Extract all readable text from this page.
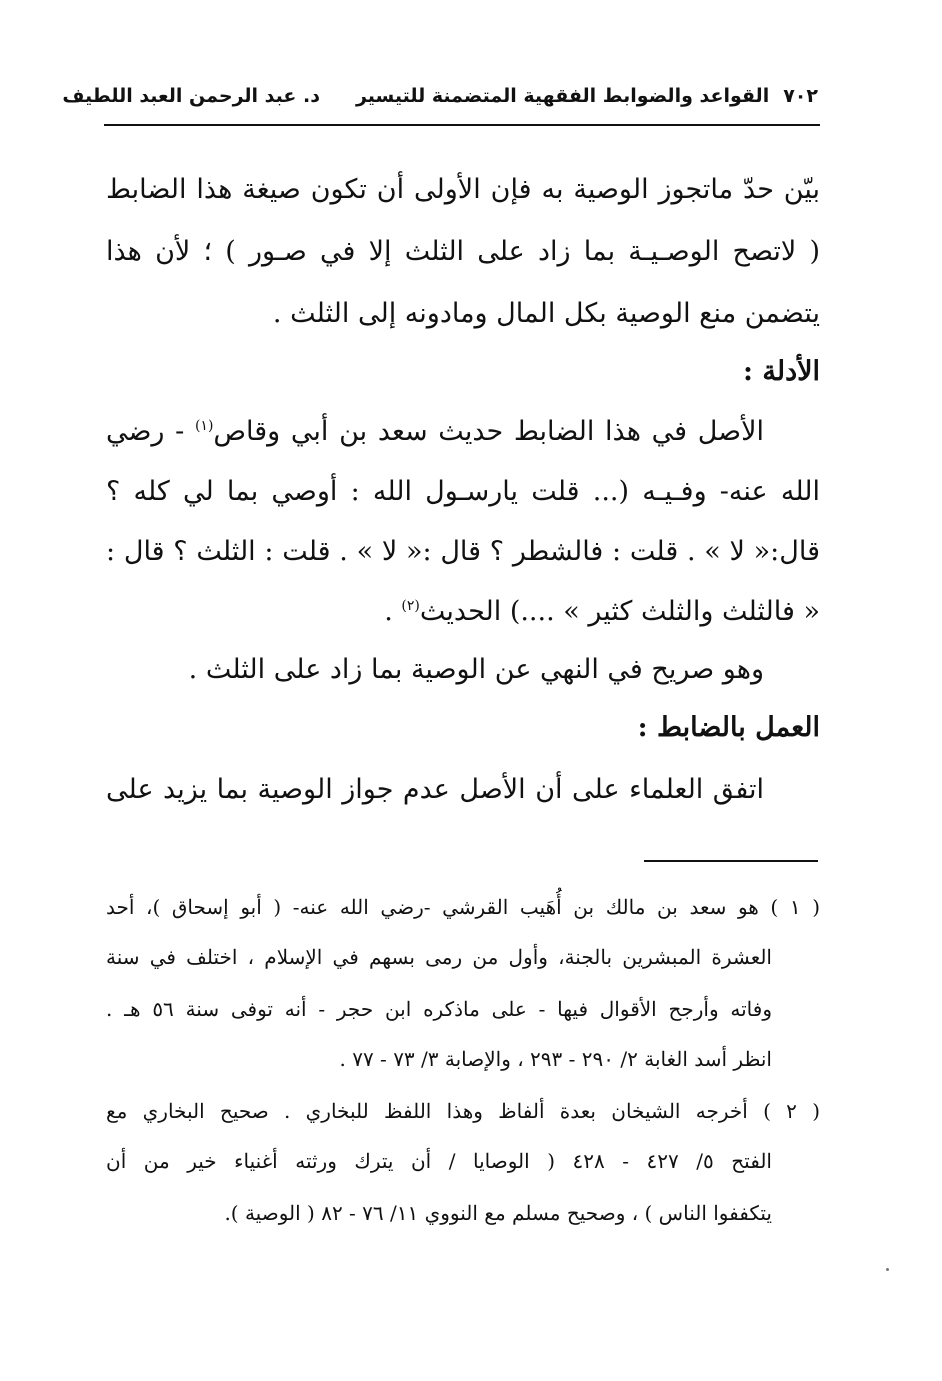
٧٠٢
القواعد والضوابط الفقهية المتضمنة للتيسير
د. عبد الرحمن العبد اللطيف
بيّن حدّ ماتجوز الوصية به فإن الأولى أن تكون صيغة هذا الضابط
( لاتصح الوصـيـة بما زاد على الثلث إلا في صـور ) ؛ لأن هذا
يتضمن منع الوصية بكل المال ومادونه إلى الثلث .
الأدلة :
الأصل في هذا الضابط حديث سعد بن أبي وقاص$^{(١)}$ - رضي
الله عنه- وفـيـه (... قلت يارسـول الله : أوصي بما لي كله ؟
قال:« لا » . قلت : فالشطر ؟ قال :« لا » . قلت : الثلث ؟ قال :
« فالثلث والثلث كثير » ....) الحديث$^{(٢)}$ .
وهو صريح في النهي عن الوصية بما زاد على الثلث .
العمل بالضابط :
اتفق العلماء على أن الأصل عدم جواز الوصية بما يزيد على
( ١ ) هو سعد بن مالك بن أُهَيب القرشي -رضي الله عنه- ( أبو إسحاق )، أحد
العشرة المبشرين بالجنة، وأول من رمى بسهم في الإسلام ، اختلف في سنة
وفاته وأرجح الأقوال فيها - على ماذكره ابن حجر - أنه توفى سنة ٥٦ هـ .
انظر أسد الغابة ٢/ ٢٩٠ - ٢٩٣ ، والإصابة ٣/ ٧٣ - ٧٧ .
( ٢ ) أخرجه الشيخان بعدة ألفاظ وهذا اللفظ للبخاري . صحيح البخاري مع
الفتح ٥/ ٤٢٧ - ٤٢٨ ( الوصايا / أن يترك ورثته أغنياء خير من أن
يتكففوا الناس ) ، وصحيح مسلم مع النووي ١١/ ٧٦ - ٨٢ ( الوصية ).
